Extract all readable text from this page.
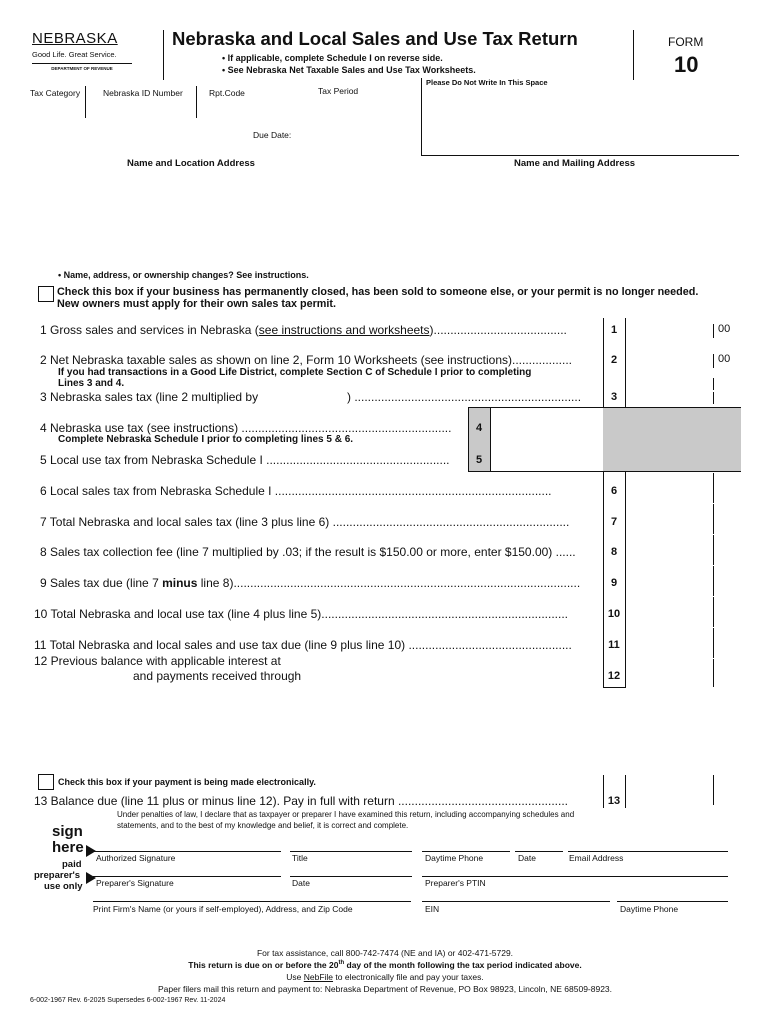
NEBRASKA
Good Life. Great Service.
DEPARTMENT OF REVENUE
Nebraska and Local Sales and Use Tax Return
• If applicable, complete Schedule I on reverse side.
• See Nebraska Net Taxable Sales and Use Tax Worksheets.
FORM
10
Tax Category	Nebraska ID Number	Rpt.Code	Tax Period
Please Do Not Write In This Space
Due Date:
Name and Location Address	Name and Mailing Address
• Name, address, or ownership changes? See instructions.
Check this box if your business has permanently closed, has been sold to someone else, or your permit is no longer needed.
New owners must apply for their own sales tax permit.
1 Gross sales and services in Nebraska (see instructions and worksheets)........................................	1	00
2 Net Nebraska taxable sales as shown on line 2, Form 10 Worksheets (see instructions)..................	2	00
If you had transactions in a Good Life District, complete Section C of Schedule I prior to completing
Lines 3 and 4.
3 Nebraska sales tax (line 2 multiplied by	) ....................................................................	3
4 Nebraska use tax (see instructions) ...............................................................	4
Complete Nebraska Schedule I prior to completing lines 5 & 6.
5 Local use tax from Nebraska Schedule I .......................................................	5
6 Local sales tax from Nebraska Schedule I ...................................................................................	6
7 Total Nebraska and local sales tax (line 3 plus line 6) .......................................................................	7
8 Sales tax collection fee (line 7 multiplied by .03; if the result is $150.00 or more, enter $150.00) ......	8
9 Sales tax due (line 7 minus line 8)........................................................................................................	9
10 Total Nebraska and local use tax (line 4 plus line 5)..........................................................................	10
11 Total Nebraska and local sales and use tax due (line 9 plus line 10) .................................................	11
12 Previous balance with applicable interest at
and payments received through	12
Check this box if your payment is being made electronically.
13 Balance due (line 11 plus or minus line 12). Pay in full with return ...................................................	13
Under penalties of law, I declare that as taxpayer or preparer I have examined this return, including accompanying schedules and
statements, and to the best of my knowledge and belief, it is correct and complete.
sign
here
paid
preparer's
use only
Authorized Signature	Title	Daytime Phone	Date	Email Address
Preparer's Signature	Date	Preparer's PTIN
Print Firm's Name (or yours if self-employed), Address, and Zip Code	EIN	Daytime Phone
For tax assistance, call 800-742-7474 (NE and IA) or 402-471-5729.
This return is due on or before the 20th day of the month following the tax period indicated above.
Use NebFile to electronically file and pay your taxes.
Paper filers mail this return and payment to: Nebraska Department of Revenue, PO Box 98923, Lincoln, NE 68509-8923.
6-002-1967 Rev. 6-2025 Supersedes 6-002-1967 Rev. 11-2024
